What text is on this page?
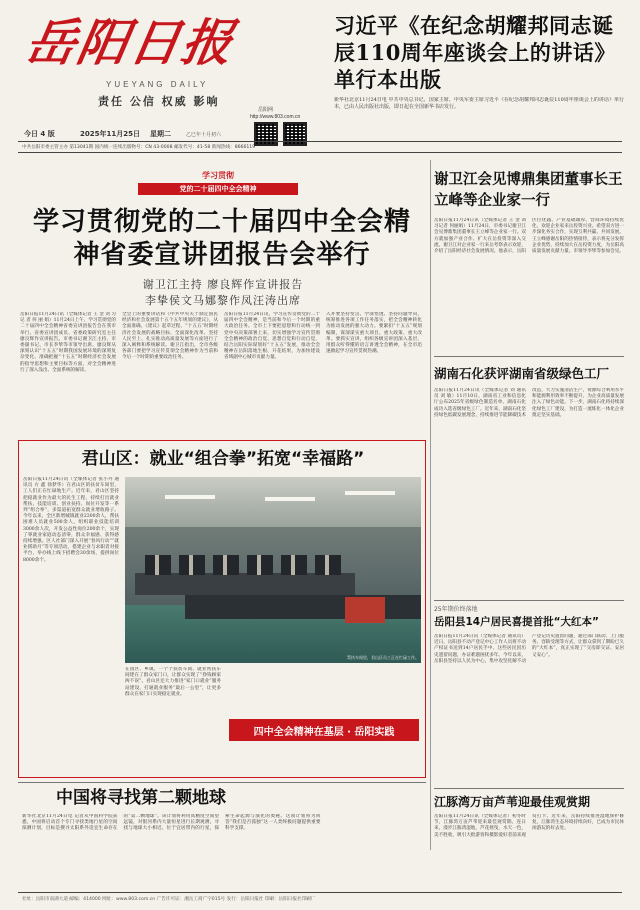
岳阳日报
YUEYANG DAILY
责任 公信 权威 影响
岳阳网
http://www.803.com.cn
今日 4 版	2025年11月25日 星期二	乙巳年十月初六
中共岳阳市委主管主办 第13041期 国内统一连续出版物号：CN 43-0008 邮发代号：41-58 新闻热线：8666119
习近平《在纪念胡耀邦同志诞辰110周年座谈会上的讲话》单行本出版
新华社北京11月24日电 中共中央总书记、国家主席、中央军委主席习近平《在纪念胡耀邦同志诞辰110周年座谈会上的讲话》单行本，已由人民出版社出版，即日起在全国新华书店发行。
学习贯彻
党的二十届四中全会精神
学习贯彻党的二十届四中全会精神省委宣讲团报告会举行
谢卫江主持 廖良辉作宣讲报告
李挚侯文马娜黎作凤汪涛出席
岳阳日报11月24日讯（全媒体记者 王 金 刘 习 记 者 何 丽 娟）11月24日上午，学习贯彻党的二十届四中全会精神省委宣讲团报告会在我市举行。省委宣讲团成员、省委政策研究室主任廖良辉作宣讲报告。市委书记谢卫江主持，市委副书记、市长李挚等市领导出席。廖良辉从深刻认识“十五五”时期我国发展环境的深刻复杂变化、准确把握“十五五”时期经济社会发展的指导思想和主要目标等方面，对全会精神进行了深入浅出、全面系统的解读。
全会上的重要讲话和《中共中央关于制定国民经济和社会发展第十五个五年规划的建议》，从全面准确、《建议》起草过程、“十五五”时期经济社会发展的战略目标、全面深化改革、坚持人民至上、扎实推动高质量发展等方面进行了深入阐释和系统解读。谢卫江指出，全市各级各部门要把学习宣传贯彻全会精神作为当前和今后一个时期的重要政治任务。
岳阳日报11月24日讯，学习宣传贯彻党的二十届四中全会精神，是当前和今后一个时期的重大政治任务。全市上下要把思想和行动统一到党中央决策部署上来，切实增强学习宣传贯彻全会精神的政治自觉、思想自觉和行动自觉，结合岳阳实际谋划好“十五五”发展，推动全会精神在岳阳落地生根、开花结果，为加快建设省域副中心城市贡献力量。
入并要坚持变贯、学深悟透、坚持问题导向，统筹推进各项工作任务落实，把全会精神转化为推动发展的强大动力。要紧扣“十五五”规划编制，谋深谋实重大项目、重大政策、重大改革。要抓实宣讲，组织各级宣讲团深入基层，用群众听得懂的语言讲透全会精神，在全市迅速掀起学习宣传贯彻热潮。
君山区：就业“组合拳”拓宽“幸福路”
岳阳日报11月24日讯（全媒体记者 张小丹 通讯员 方 鑫 徐梦华）在君山区的扶贫车间里，工人们正在忙碌地生产。近年来，君山区坚持把稳就业作为最大的民生工程，持续打出就业帮扶、技能培训、创业扶持、岗位开发等一系列“组合拳”，多渠道拓宽群众就业增收路子。今年以来，全区新增城镇就业2300余人，帮扶困难人员就业500余人，组织职业技能培训3000余人次，开发公益性岗位200余个，实现了零就业家庭动态清零，群众幸福感、获得感持续增强。区人社部门深入开展“春风行动”“就业援助月”等专项活动，搭建企业与求职者对接平台，举办线上线下招聘会30余场，提供岗位8000余个。
帮扶车间里，君山区员工正在忙碌工作。
在园区、乡镇，一个个扶贫车间、就业帮扶车间建在了群众家门口，让群众实现了“挣钱顾家两不误”。君山区还大力推进“家门口就业”服务站建设，打通就业服务“最后一公里”，让更多群众在家门口实现稳定就业。
四中全会精神在基层 · 岳阳实践
谢卫江会见博鼎集团董事长王立峰等企业家一行
岳阳日报11月24日讯（全媒体记者 王 金 刘 习记者 何丽娟）11月24日，市委书记谢卫江会见博鼎集团董事长王立峰等企业家一行。双方就加强产业合作、扩大在岳投资等深入交流。谢卫江对企业家一行来岳考察表示欢迎，介绍了岳阳经济社会发展情况。他表示，岳阳区位优越、产业基础雄厚、营商环境持续优化，欢迎企业家来岳投资兴业。希望双方进一步深化务实合作，实现互利共赢、共同发展。王立峰感谢岳阳的热情接待，表示将充分发挥企业优势，持续加大在岳投资力度，为岳阳高质量发展贡献力量。市领导李挚等参加会见。
湖南石化获评湖南省级绿色工厂
岳阳日报11月24日讯（全媒体记者 刘 通讯员 刘 敏）11月10日，湖南省工业和信息化厅公布2025年省级绿色制造名单，湖南石化成功入选省级绿色工厂。近年来，湖南石化坚持绿色低碳发展理念，持续推进节能降碳技术改造，大力实施清洁生产，资源综合利用水平和能源利用效率不断提升，为企业高质量发展注入了绿色动能。下一步，湖南石化将持续深化绿色工厂建设，为打造一流炼化一体化企业奠定坚实基础。
25年期价终落地
岳阳县14户居民喜提首批“大红本”
岳阳日报11月24日讯（全媒体记者 通讯员）近日，岳阳县不动产登记中心工作人员将不动产权证书送到14户居民手中。这些居民因历史遗留问题，办证难题困扰多年。今年以来，岳阳县坚持以人民为中心，集中攻坚化解不动产登记历史遗留问题，通过部门联动、上门服务、容缺受理等方式，让群众拿到了期盼已久的“大红本”，真正实现了“交房即交证、安居又安心”。
江豚湾万亩芦苇迎最佳观赏期
岳阳日报11月24日讯（全媒体记者）初冬时节，江豚湾万亩芦苇迎来最佳观赏期。连日来，漫步江豚湾湿地，芦花摇曳，水天一色，美不胜收，吸引大批游客和摄影爱好者前来观赏打卡。近年来，岳阳持续推进湿地保护修复，江豚湾生态环境持续向好，已成为市民休闲游玩的好去处。
中国将寻找第二颗地球
新华社北京11月24日电 记者从中国科学院获悉，中国将启动首个专门寻找类地行星的空间探测计划，目标是搜寻太阳系外适宜生命存在的“第二颗地球”。该计划将利用高精度空间望远镜，对银河系内大量恒星进行长期观测，寻找与地球大小相近、位于宜居带内的行星，探索生命起源与演化的奥秘。这项计划将为回答“我们是否孤独”这一人类终极问题提供重要科学支撑。
社址：岳阳市南湖大道 邮编：414000 网址：www.803.com.cn 广告许可证：湘岳工商广字015号 发行：岳阳日报社 印刷：岳阳日报社印刷厂
